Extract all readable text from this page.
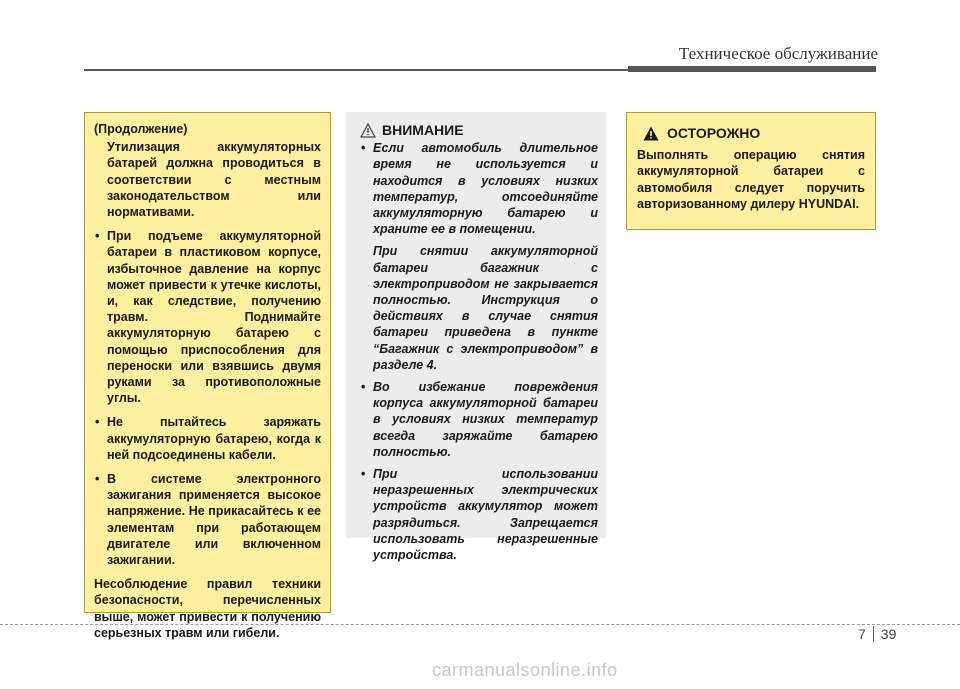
Техническое обслуживание

(Продолжение)

Утилизация аккумуляторных батарей должна проводиться в соответствии с местным законодательством или нормативами.

• При подъеме аккумуляторной батареи в пластиковом корпусе, избыточное давление на корпус может привести к утечке кислоты, и, как следствие, получению травм. Поднимайте аккумуляторную батарею с помощью приспособления для переноски или взявшись двумя руками за противоположные углы.
• Не пытайтесь заряжать аккумуляторную батарею, когда к ней подсоединены кабели.
• В системе электронного зажигания применяется высокое напряжение. Не прикасайтесь к ее элементам при работающем двигателе или включенном зажигании.

Несоблюдение правил техники безопасности, перечисленных выше, может привести к получению серьезных травм или гибели.

ВНИМАНИЕ
• Если автомобиль длительное время не используется и находится в условиях низких температур, отсоединяйте аккумуляторную батарею и храните ее в помещении.

При снятии аккумуляторной батареи багажник с электроприводом не закрывается полностью. Инструкция о действиях в случае снятия батареи приведена в пункте “Багажник с электроприводом” в разделе 4.

• Во избежание повреждения корпуса аккумуляторной батареи в условиях низких температур всегда заряжайте батарею полностью.
• При использовании неразрешенных электрических устройств аккумулятор может разрядиться. Запрещается использовать неразрешенные устройства.
ОСТОРОЖНО

Выполнять операцию снятия аккумуляторной батареи с автомобиля следует поручить авторизованному дилеру HYUNDAI.

7 39
carmanualsonline.info
